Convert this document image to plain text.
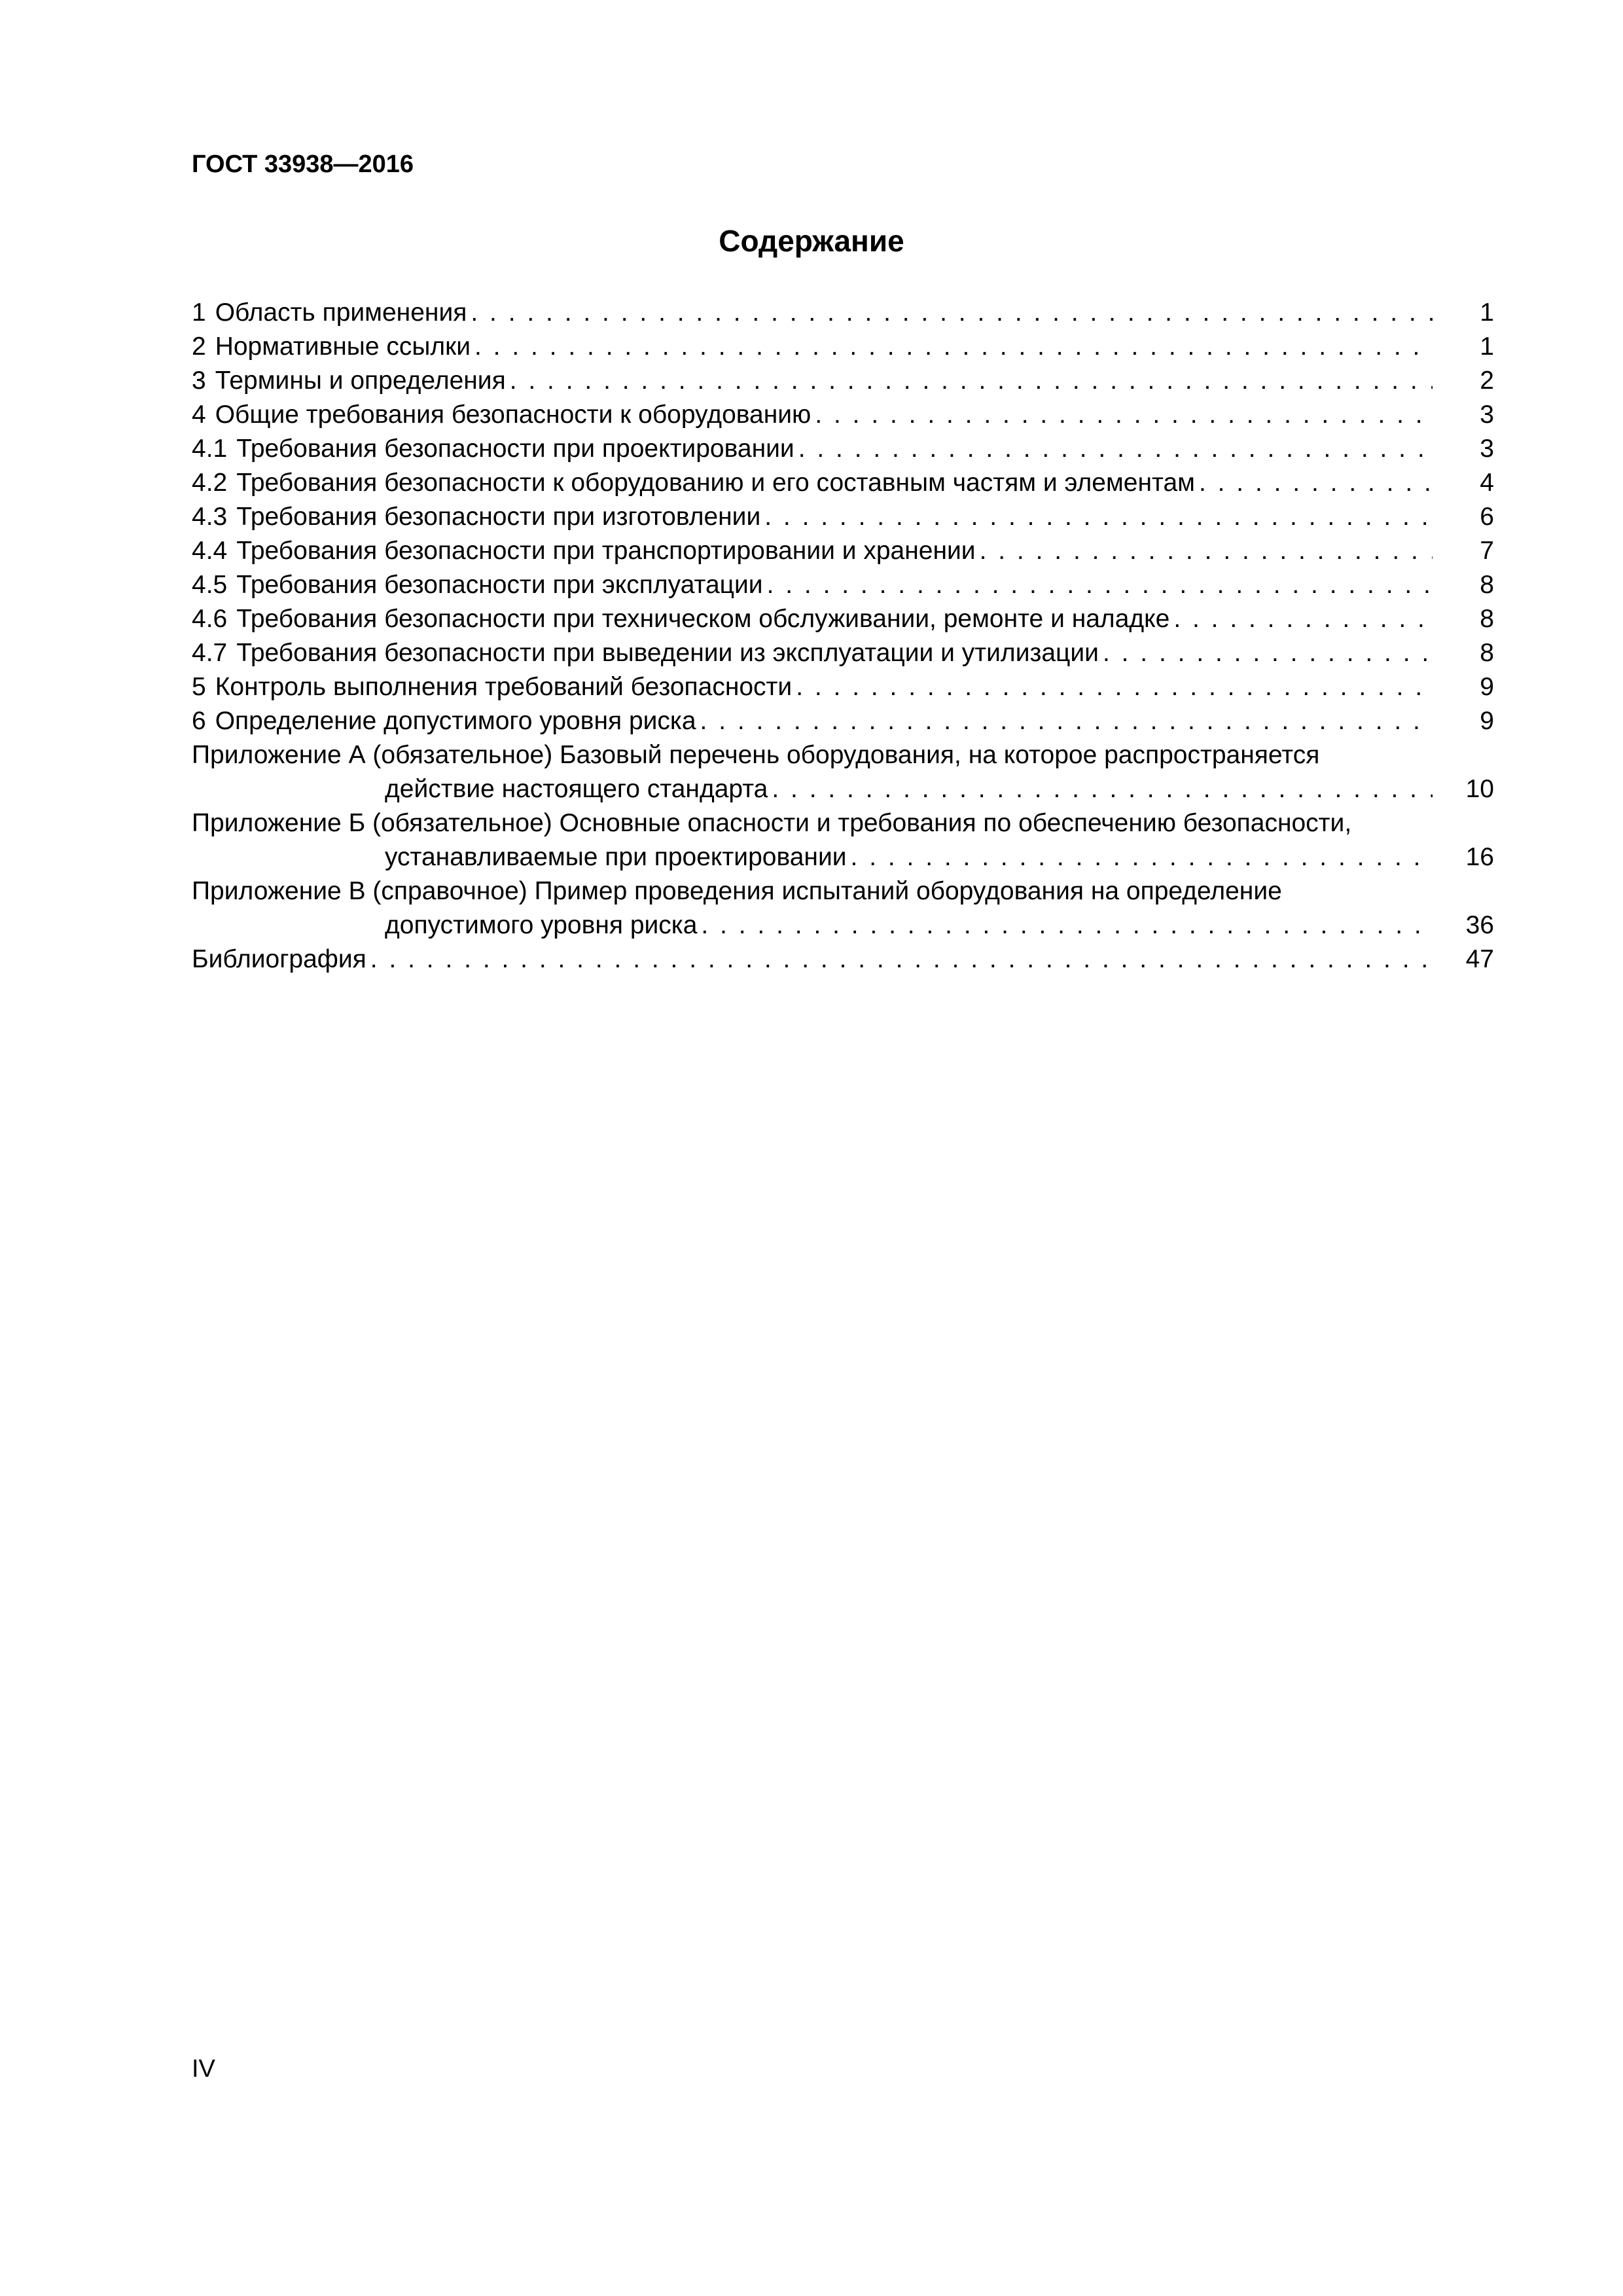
ГОСТ 33938—2016
Содержание
1 Область применения . . .	1
2 Нормативные ссылки . . .	1
3 Термины и определения . . .	2
4 Общие требования безопасности к оборудованию . . .	3
4.1 Требования безопасности при проектировании . . .	3
4.2 Требования безопасности к оборудованию и его составным частям и элементам . . .	4
4.3 Требования безопасности при изготовлении . . .	6
4.4 Требования безопасности при транспортировании и хранении . . .	7
4.5 Требования безопасности при эксплуатации . . .	8
4.6 Требования безопасности при техническом обслуживании, ремонте и наладке . . .	8
4.7 Требования безопасности при выведении из эксплуатации и утилизации . . .	8
5 Контроль выполнения требований безопасности . . .	9
6 Определение допустимого уровня риска . . .	9
Приложение А (обязательное) Базовый перечень оборудования, на которое распространяется
действие настоящего стандарта . . .	10
Приложение Б (обязательное) Основные опасности и требования по обеспечению безопасности,
устанавливаемые при проектировании . . .	16
Приложение В (справочное) Пример проведения испытаний оборудования на определение
допустимого уровня риска . . .	36
Библиография . . .	47
IV
